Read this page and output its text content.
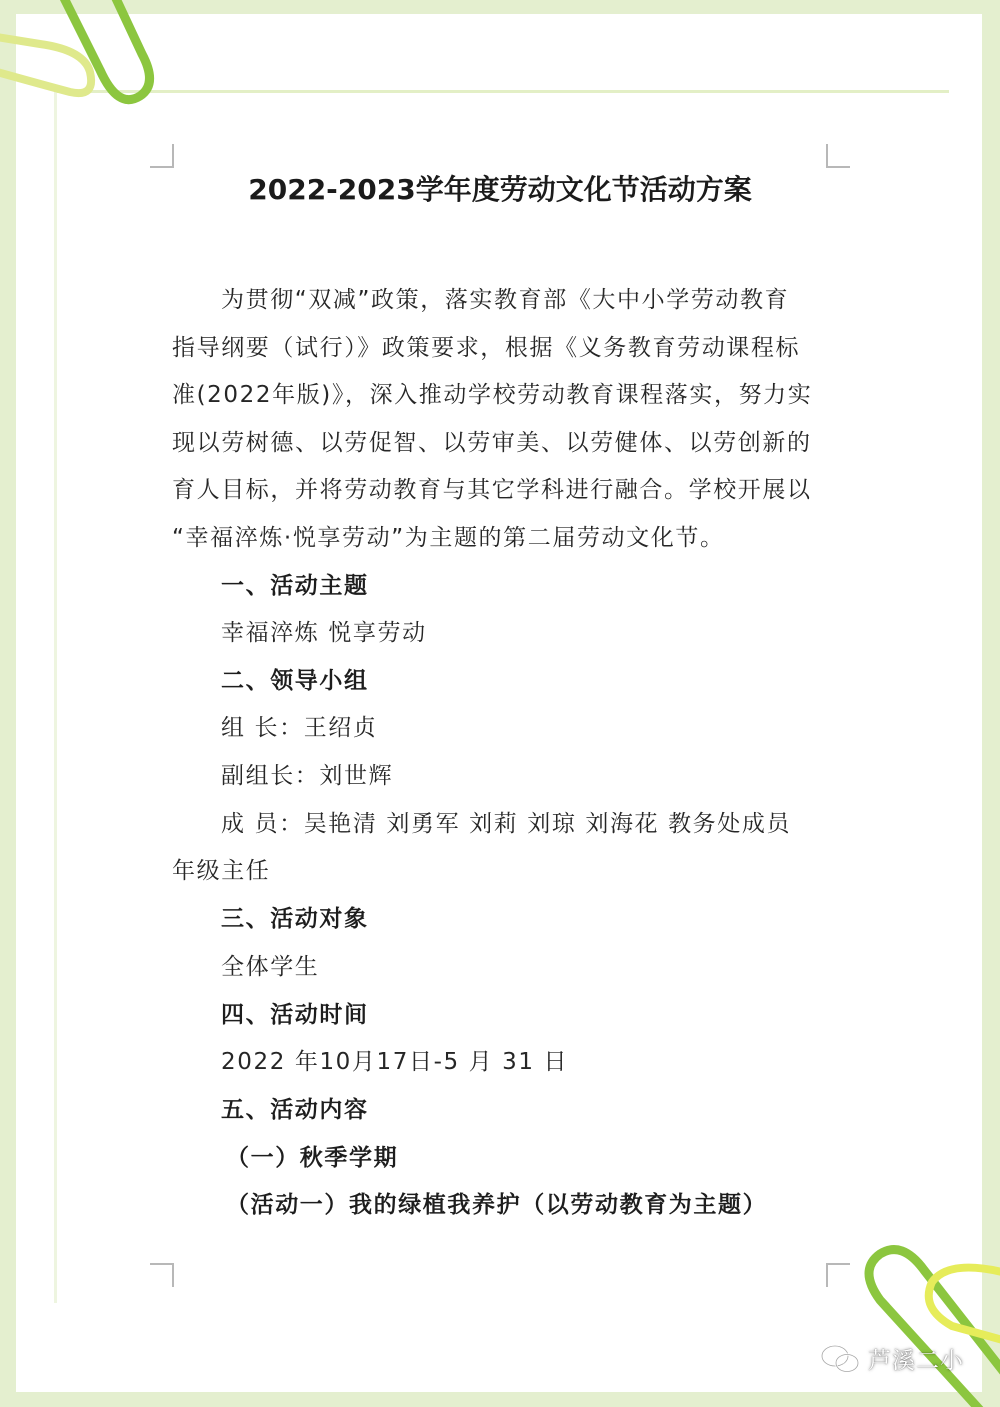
2022-2023学年度劳动文化节活动方案
为贯彻“双减”政策，落实教育部《大中小学劳动教育
指导纲要（试行）》政策要求，根据《义务教育劳动课程标
准(2022年版)》，深入推动学校劳动教育课程落实，努力实
现以劳树德、以劳促智、以劳审美、以劳健体、以劳创新的
育人目标，并将劳动教育与其它学科进行融合。学校开展以
“幸福淬炼·悦享劳动”为主题的第二届劳动文化节。
一、活动主题
幸福淬炼 悦享劳动
二、领导小组
组 长：王绍贞
副组长：刘世辉
成 员：吴艳清 刘勇军 刘莉 刘琼 刘海花 教务处成员
年级主任
三、活动对象
全体学生
四、活动时间
2022 年10月17日-5 月 31 日
五、活动内容
（一）秋季学期
（活动一）我的绿植我养护（以劳动教育为主题）
芦溪二小
